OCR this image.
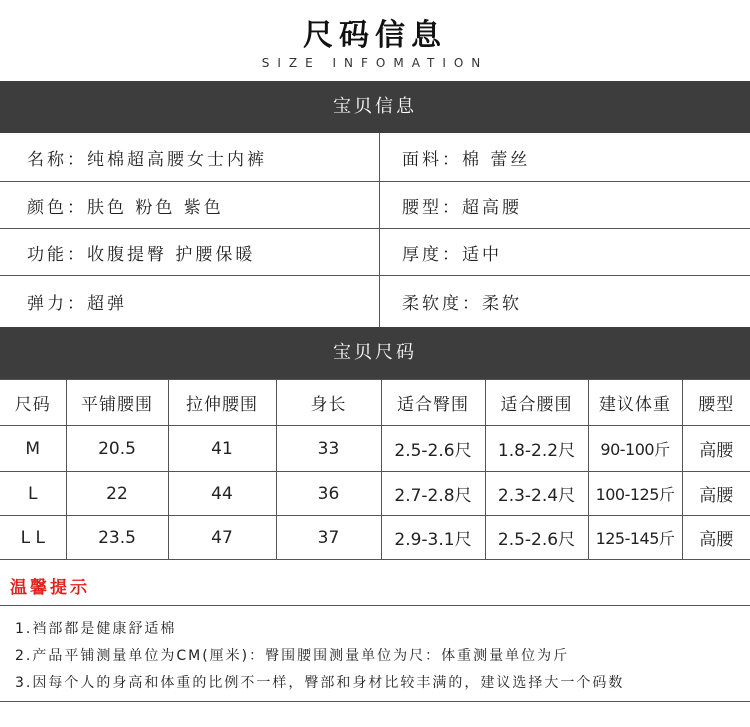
尺码信息
SIZE INFOMATION
宝贝信息
名称：纯棉超高腰女士内裤	面料：棉 蕾丝
颜色：肤色 粉色 紫色	腰型：超高腰
功能：收腹提臀 护腰保暖	厚度：适中
弹力：超弹	柔软度：柔软
宝贝尺码
尺码	平铺腰围	拉伸腰围	身长	适合臀围	适合腰围	建议体重	腰型
M	20.5	41	33	2.5-2.6尺	1.8-2.2尺	90-100斤	高腰
L	22	44	36	2.7-2.8尺	2.3-2.4尺	100-125斤	高腰
L L	23.5	47	37	2.9-3.1尺	2.5-2.6尺	125-145斤	高腰
温馨提示
1.裆部都是健康舒适棉
2.产品平铺测量单位为CM(厘米)：臀围腰围测量单位为尺：体重测量单位为斤
3.因每个人的身高和体重的比例不一样，臀部和身材比较丰满的，建议选择大一个码数
